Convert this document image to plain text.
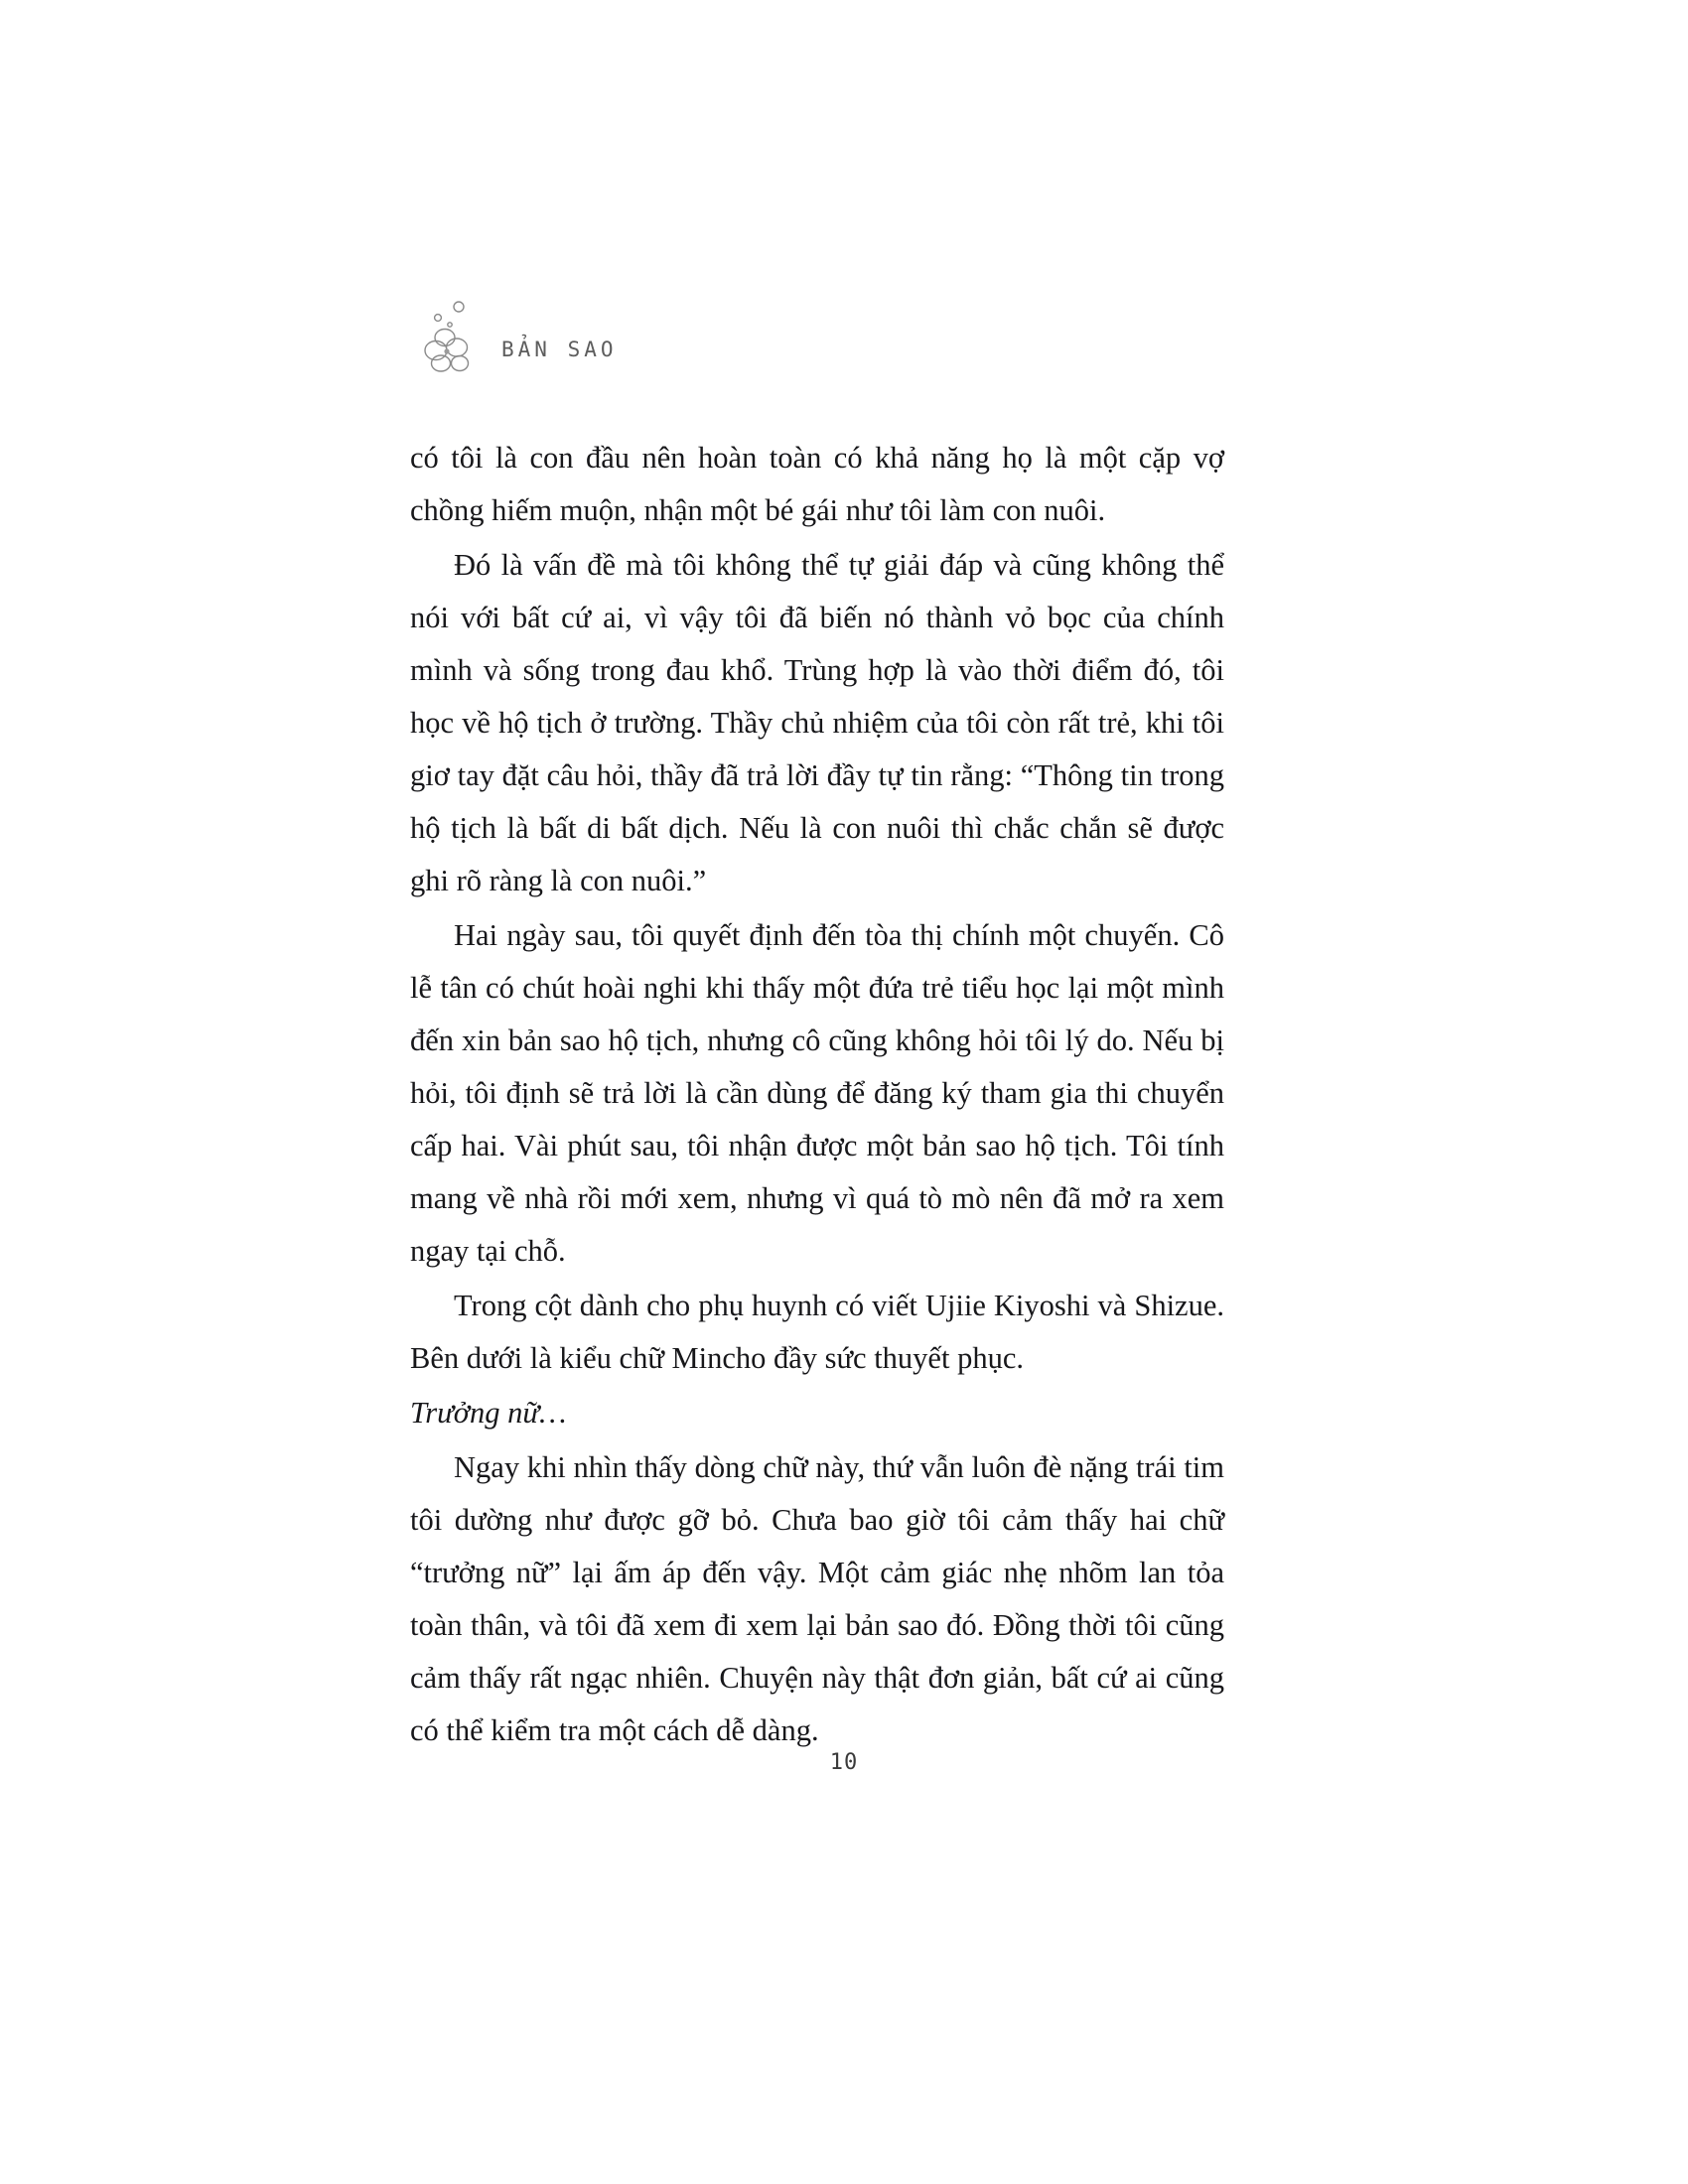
BẢN SAO

có tôi là con đầu nên hoàn toàn có khả năng họ là một cặp vợ chồng hiếm muộn, nhận một bé gái như tôi làm con nuôi.

Đó là vấn đề mà tôi không thể tự giải đáp và cũng không thể nói với bất cứ ai, vì vậy tôi đã biến nó thành vỏ bọc của chính mình và sống trong đau khổ. Trùng hợp là vào thời điểm đó, tôi học về hộ tịch ở trường. Thầy chủ nhiệm của tôi còn rất trẻ, khi tôi giơ tay đặt câu hỏi, thầy đã trả lời đầy tự tin rằng: “Thông tin trong hộ tịch là bất di bất dịch. Nếu là con nuôi thì chắc chắn sẽ được ghi rõ ràng là con nuôi.”

Hai ngày sau, tôi quyết định đến tòa thị chính một chuyến. Cô lễ tân có chút hoài nghi khi thấy một đứa trẻ tiểu học lại một mình đến xin bản sao hộ tịch, nhưng cô cũng không hỏi tôi lý do. Nếu bị hỏi, tôi định sẽ trả lời là cần dùng để đăng ký tham gia thi chuyển cấp hai. Vài phút sau, tôi nhận được một bản sao hộ tịch. Tôi tính mang về nhà rồi mới xem, nhưng vì quá tò mò nên đã mở ra xem ngay tại chỗ.

Trong cột dành cho phụ huynh có viết Ujiie Kiyoshi và Shizue. Bên dưới là kiểu chữ Mincho đầy sức thuyết phục.

Trưởng nữ…

Ngay khi nhìn thấy dòng chữ này, thứ vẫn luôn đè nặng trái tim tôi dường như được gỡ bỏ. Chưa bao giờ tôi cảm thấy hai chữ “trưởng nữ” lại ấm áp đến vậy. Một cảm giác nhẹ nhõm lan tỏa toàn thân, và tôi đã xem đi xem lại bản sao đó. Đồng thời tôi cũng cảm thấy rất ngạc nhiên. Chuyện này thật đơn giản, bất cứ ai cũng có thể kiểm tra một cách dễ dàng.

10
